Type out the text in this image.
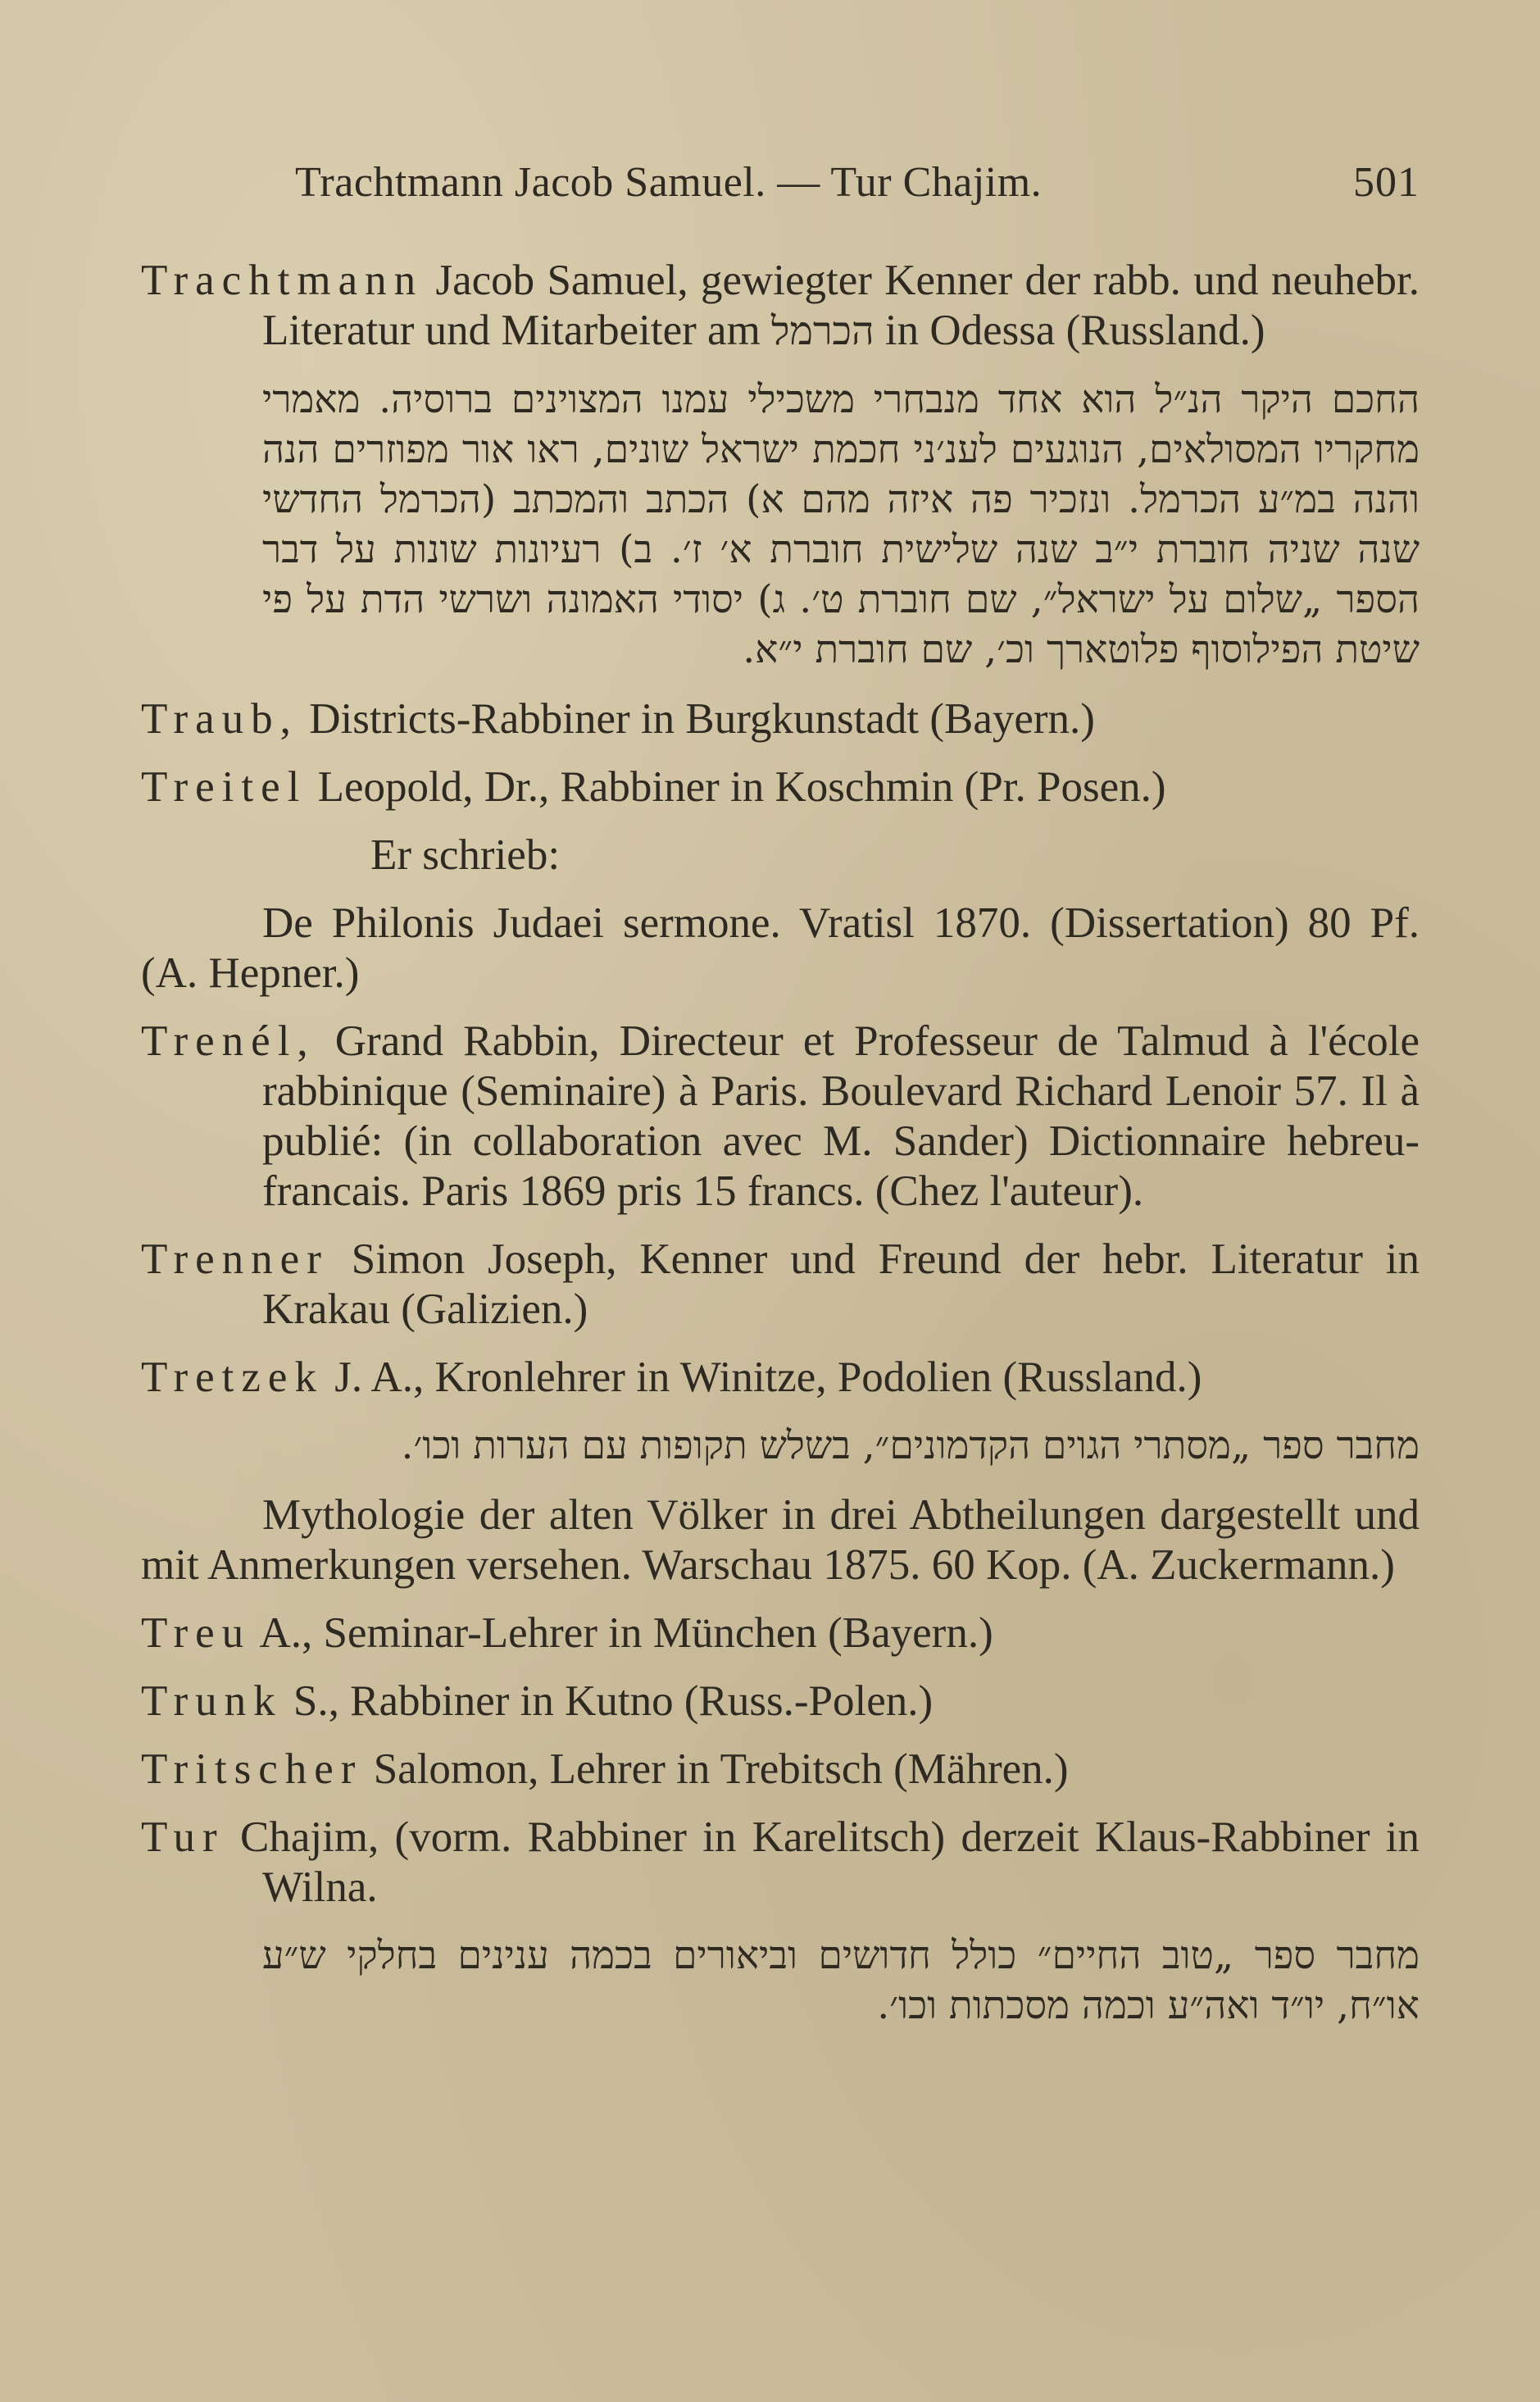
Trachtmann Jacob Samuel. — Tur Chajim.	501

Trachtmann Jacob Samuel, gewiegter Kenner der rabb. und neuhebr. Literatur und Mitarbeiter am הכרמל in Odessa (Russland.)

החכם היקר הנ״ל הוא אחד מנבחרי משכילי עמנו המצוינים ברוסיה. מאמרי מחקריו המסולאים, הנוגעים לענ׳ני חכמת ישראל שונים, ראו אור מפוזרים הנה והנה במ״ע הכרמל. ונזכיר פה איזה מהם א) הכתב והמכתב (הכרמל החדשי שנה שניה חוברת י״ב שנה שלישית חוברת א׳ ז׳. ב) רעיונות שונות על דבר הספר „שלום על ישראל״, שם חוברת ט׳. ג) יסודי האמונה ושרשי הדת על פי שיטת הפילוסוף פלוטארך וכ׳, שם חוברת י״א.

Traub, Districts-Rabbiner in Burgkunstadt (Bayern.)

Treitel Leopold, Dr., Rabbiner in Koschmin (Pr. Posen.)

Er schrieb:

De Philonis Judaei sermone. Vratisl 1870. (Dissertation) 80 Pf. (A. Hepner.)

Trenél, Grand Rabbin, Directeur et Professeur de Talmud à l'école rabbinique (Seminaire) à Paris. Boulevard Richard Lenoir 57. Il à publié: (in collaboration avec M. Sander) Dictionnaire hebreu-francais. Paris 1869 pris 15 francs. (Chez l'auteur).

Trenner Simon Joseph, Kenner und Freund der hebr. Literatur in Krakau (Galizien.)

Tretzek J. A., Kronlehrer in Winitze, Podolien (Russland.)

מחבר ספר „מסתרי הגוים הקדמונים״, בשלש תקופות עם הערות וכו׳.

Mythologie der alten Völker in drei Abtheilungen dargestellt und mit Anmerkungen versehen. Warschau 1875. 60 Kop. (A. Zuckermann.)

Treu A., Seminar-Lehrer in München (Bayern.)

Trunk S., Rabbiner in Kutno (Russ.-Polen.)

Tritscher Salomon, Lehrer in Trebitsch (Mähren.)

Tur Chajim, (vorm. Rabbiner in Karelitsch) derzeit Klaus-Rabbiner in Wilna.

מחבר ספר „טוב החיים״ כולל חדושים וביאורים בכמה ענינים בחלקי ש״ע או״ח, יו״ד ואה״ע וכמה מסכתות וכו׳.
